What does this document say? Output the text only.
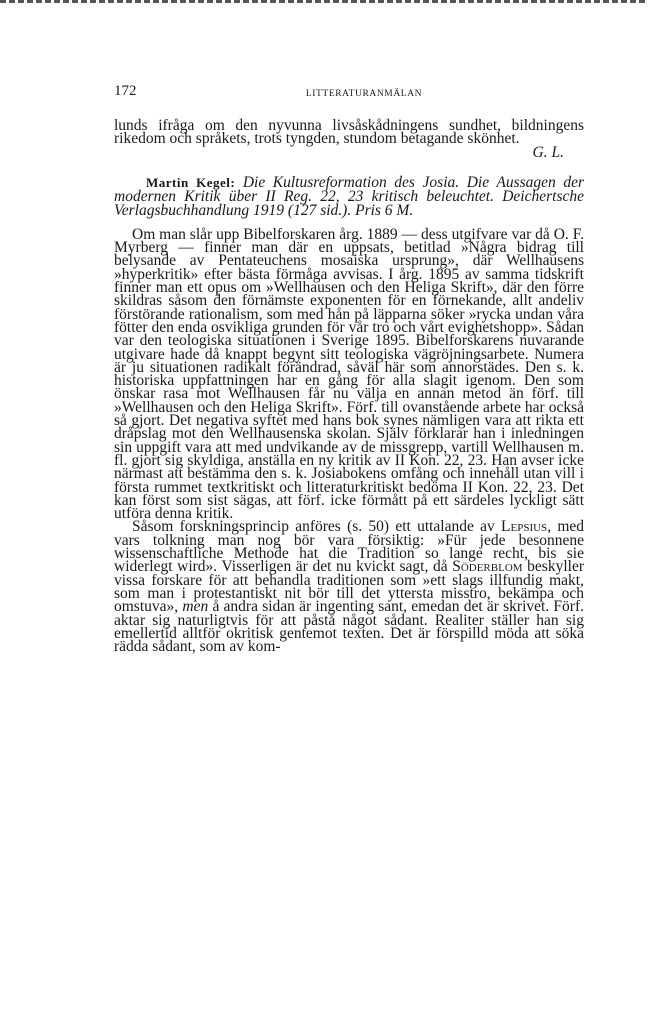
172	LITTERATURANMÄLAN

lunds ifråga om den nyvunna livsåskådningens sundhet, bildningens rikedom och språkets, trots tyngden, stundom betagande skönhet.

G. L.

Martin Kegel: Die Kultusreformation des Josia. Die Aussagen der modernen Kritik über II Reg. 22, 23 kritisch beleuchtet. Deichertsche Verlagsbuchhandlung 1919 (127 sid.). Pris 6 M.

Om man slår upp Bibelforskaren årg. 1889 — dess utgifvare var då O. F. Myrberg — finner man där en uppsats, betitlad »Några bidrag till belysande av Pentateuchens mosaiska ursprung», där Wellhausens »hyperkritik» efter bästa förmåga avvisas. I årg. 1895 av samma tidskrift finner man ett opus om »Wellhausen och den Heliga Skrift», där den förre skildras såsom den förnämste exponenten för en förnekande, allt andeliv förstörande rationalism, som med hån på läpparna söker »rycka undan våra fötter den enda osvikliga grunden för vår tro och vårt evighetshopp». Sådan var den teologiska situationen i Sverige 1895. Bibelforskarens nuvarande utgivare hade då knappt begynt sitt teologiska vägröjningsarbete. Numera är ju situationen radikalt förändrad, såväl här som annorstädes. Den s. k. historiska uppfattningen har en gång för alla slagit igenom. Den som önskar rasa mot Wellhausen får nu välja en annan metod än förf. till »Wellhausen och den Heliga Skrift». Förf. till ovanstående arbete har också så gjort. Det negativa syftet med hans bok synes nämligen vara att rikta ett dråpslag mot den Wellhausenska skolan. Själv förklarar han i inledningen sin uppgift vara att med undvikande av de missgrepp, vartill Wellhausen m. fl. gjort sig skyldiga, anställa en ny kritik av II Kon. 22, 23. Han avser icke närmast att bestämma den s. k. Josiabokens omfång och innehåll utan vill i första rummet textkritiskt och litteraturkritiskt bedöma II Kon. 22, 23. Det kan först som sist sägas, att förf. icke förmått på ett särdeles lyckligt sätt utföra denna kritik.

Såsom forskningsprincip anföres (s. 50) ett uttalande av Lepsius, med vars tolkning man nog bör vara försiktig: »Für jede besonnene wissenschaftliche Methode hat die Tradition so lange recht, bis sie widerlegt wird». Visserligen är det nu kvickt sagt, då Söderblom beskyller vissa forskare för att behandla traditionen som »ett slags illfundig makt, som man i protestantiskt nit bör till det yttersta misstro, bekämpa och omstuva», men å andra sidan är ingenting sant, emedan det är skrivet. Förf. aktar sig naturligtvis för att påstå något sådant. Realiter ställer han sig emellertid alltför okritisk gentemot texten. Det är förspilld möda att söka rädda sådant, som av kom-
